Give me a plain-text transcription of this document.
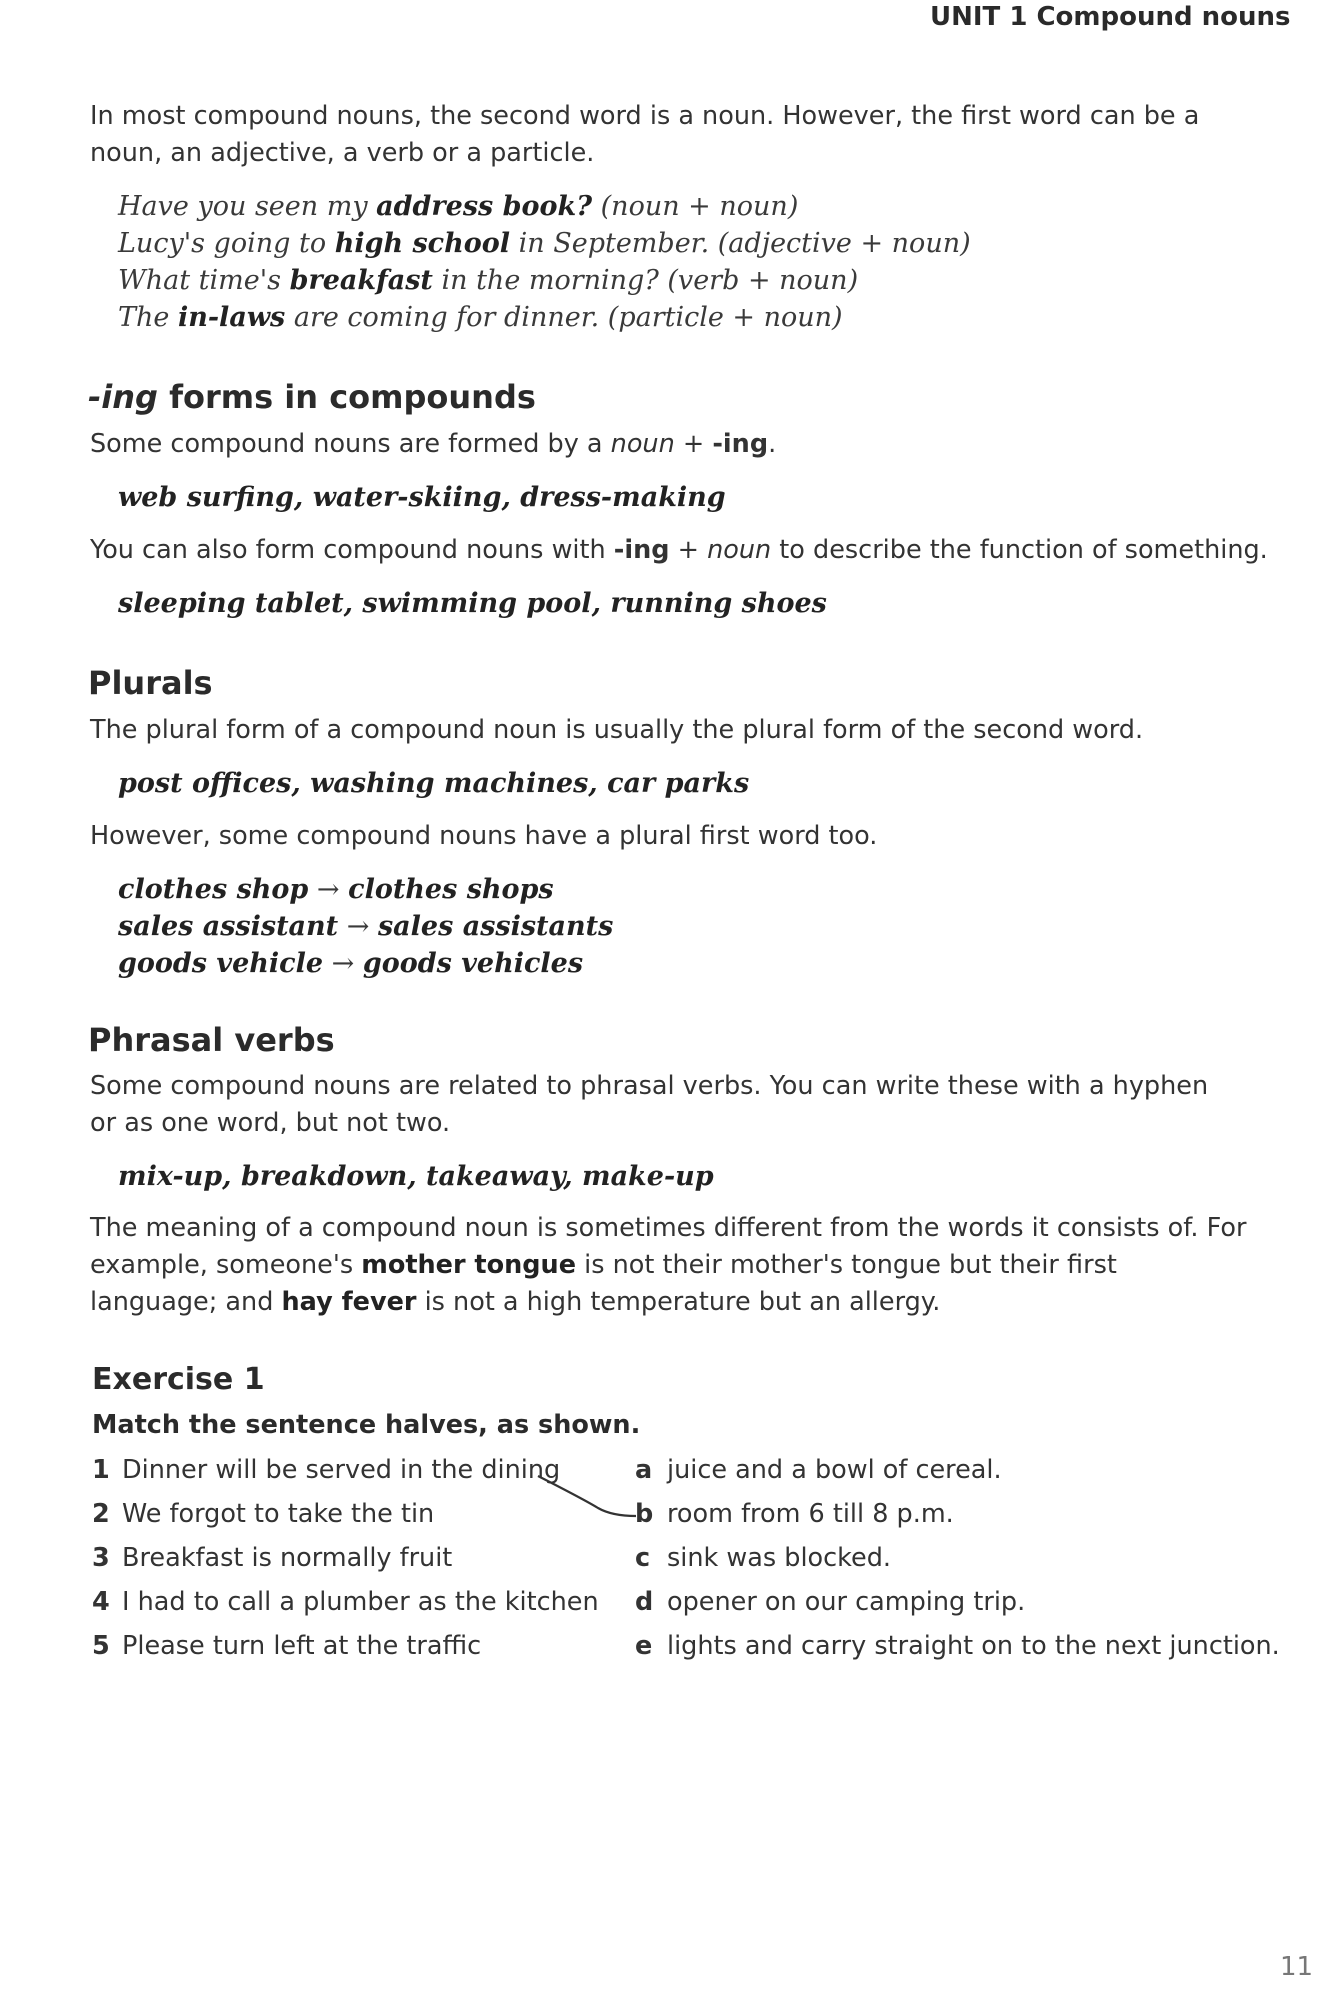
UNIT 1 Compound nouns
In most compound nouns, the second word is a noun. However, the first word can be a noun, an adjective, a verb or a particle.
Have you seen my address book? (noun + noun)
Lucy's going to high school in September. (adjective + noun)
What time's breakfast in the morning? (verb + noun)
The in-laws are coming for dinner. (particle + noun)
-ing forms in compounds
Some compound nouns are formed by a noun + -ing.
web surfing, water-skiing, dress-making
You can also form compound nouns with -ing + noun to describe the function of something.
sleeping tablet, swimming pool, running shoes
Plurals
The plural form of a compound noun is usually the plural form of the second word.
post offices, washing machines, car parks
However, some compound nouns have a plural first word too.
clothes shop → clothes shops
sales assistant → sales assistants
goods vehicle → goods vehicles
Phrasal verbs
Some compound nouns are related to phrasal verbs. You can write these with a hyphen or as one word, but not two.
mix-up, breakdown, takeaway, make-up
The meaning of a compound noun is sometimes different from the words it consists of. For example, someone's mother tongue is not their mother's tongue but their first language; and hay fever is not a high temperature but an allergy.
Exercise 1
Match the sentence halves, as shown.
1 Dinner will be served in the dining
2 We forgot to take the tin
3 Breakfast is normally fruit
4 I had to call a plumber as the kitchen
5 Please turn left at the traffic
a juice and a bowl of cereal.
b room from 6 till 8 p.m.
c sink was blocked.
d opener on our camping trip.
e lights and carry straight on to the next junction.
11
